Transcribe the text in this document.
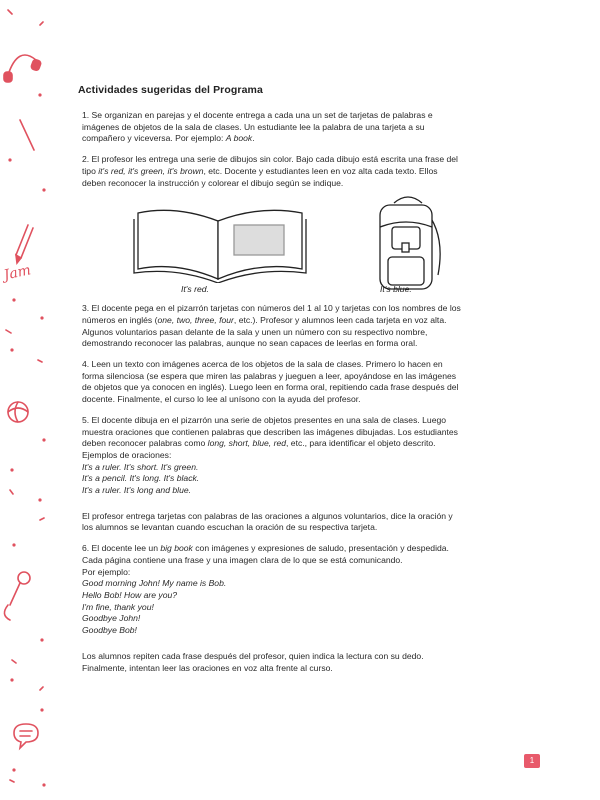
Jam
Actividades sugeridas del Programa

1. Se organizan en parejas y el docente entrega a cada una un set de tarjetas de palabras e

imágenes de objetos de la sala de clases. Un estudiante lee la palabra de una tarjeta a su

compañero y viceversa. Por ejemplo: A book.

2. El profesor les entrega una serie de dibujos sin color. Bajo cada dibujo está escrita una frase del

tipo it's red, it's green, it's brown, etc. Docente y estudiantes leen en voz alta cada texto. Ellos

deben reconocer la instrucción y colorear el dibujo según se indique.

It's red.	It's blue.

3. El docente pega en el pizarrón tarjetas con números del 1 al 10 y tarjetas con los nombres de los

números en inglés (one, two, three, four, etc.). Profesor y alumnos leen cada tarjeta en voz alta.

Algunos voluntarios pasan delante de la sala y unen un número con su respectivo nombre,

demostrando reconocer las palabras, aunque no sean capaces de leerlas en forma oral.

4. Leen un texto con imágenes acerca de los objetos de la sala de clases. Primero lo hacen en

forma silenciosa (se espera que miren las palabras y jueguen a leer, apoyándose en las imágenes

de objetos que ya conocen en inglés). Luego leen en forma oral, repitiendo cada frase después del

docente. Finalmente, el curso lo lee al unísono con la ayuda del profesor.

5. El docente dibuja en el pizarrón una serie de objetos presentes en una sala de clases. Luego

muestra oraciones que contienen palabras que describen las imágenes dibujadas. Los estudiantes

deben reconocer palabras como long, short, blue, red, etc., para identificar el objeto descrito.

Ejemplos de oraciones:

It's a ruler. It's short. It's green.

It's a pencil. It's long. It's black.

It's a ruler. It's long and blue.

El profesor entrega tarjetas con palabras de las oraciones a algunos voluntarios, dice la oración y

los alumnos se levantan cuando escuchan la oración de su respectiva tarjeta.

6. El docente lee un big book con imágenes y expresiones de saludo, presentación y despedida.

Cada página contiene una frase y una imagen clara de lo que se está comunicando.

Por ejemplo:

Good morning John! My name is Bob.

Hello Bob! How are you?

I'm fine, thank you!

Goodbye John!

Goodbye Bob!

Los alumnos repiten cada frase después del profesor, quien indica la lectura con su dedo.

Finalmente, intentan leer las oraciones en voz alta frente al curso.

1
